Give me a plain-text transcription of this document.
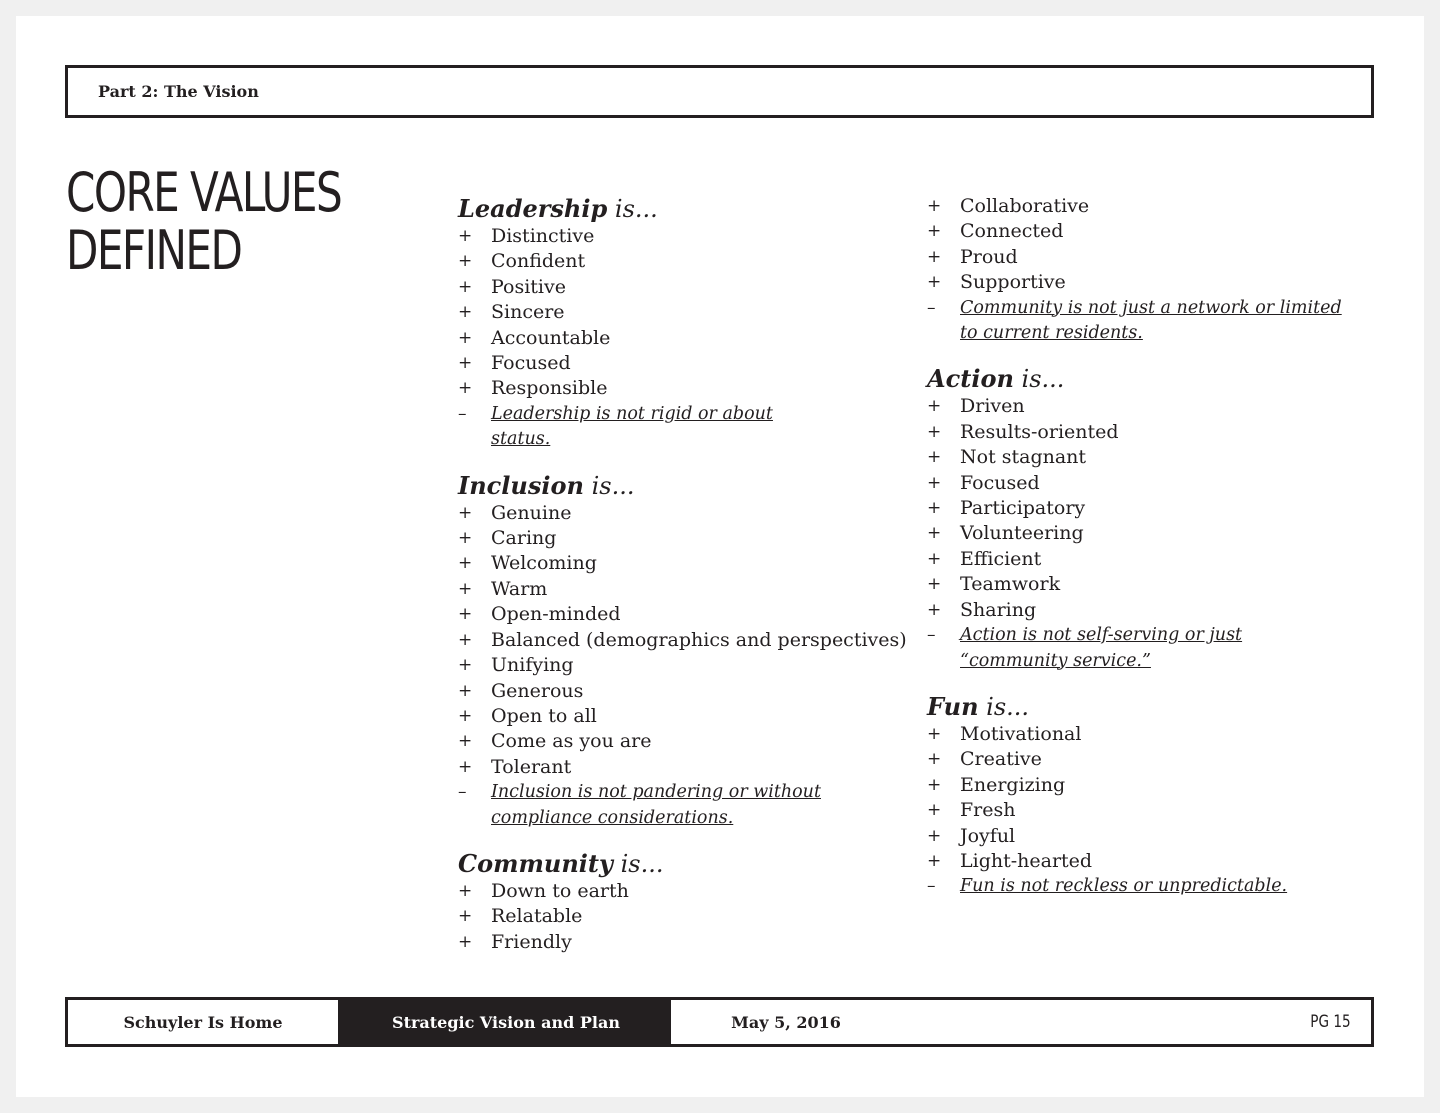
Part 2: The Vision
CORE VALUES
DEFINED
Leadership is...
+ Distinctive
+ Confident
+ Positive
+ Sincere
+ Accountable
+ Focused
+ Responsible
– Leadership is not rigid or about status.
Inclusion is...
+ Genuine
+ Caring
+ Welcoming
+ Warm
+ Open-minded
+ Balanced (demographics and perspectives)
+ Unifying
+ Generous
+ Open to all
+ Come as you are
+ Tolerant
– Inclusion is not pandering or without compliance considerations.
Community is...
+ Down to earth
+ Relatable
+ Friendly
+ Collaborative
+ Connected
+ Proud
+ Supportive
– Community is not just a network or limited to current residents.
Action is...
+ Driven
+ Results-oriented
+ Not stagnant
+ Focused
+ Participatory
+ Volunteering
+ Efficient
+ Teamwork
+ Sharing
– Action is not self-serving or just “community service.”
Fun is...
+ Motivational
+ Creative
+ Energizing
+ Fresh
+ Joyful
+ Light-hearted
– Fun is not reckless or unpredictable.
Schuyler Is Home	Strategic Vision and Plan	May 5, 2016	PG 15
